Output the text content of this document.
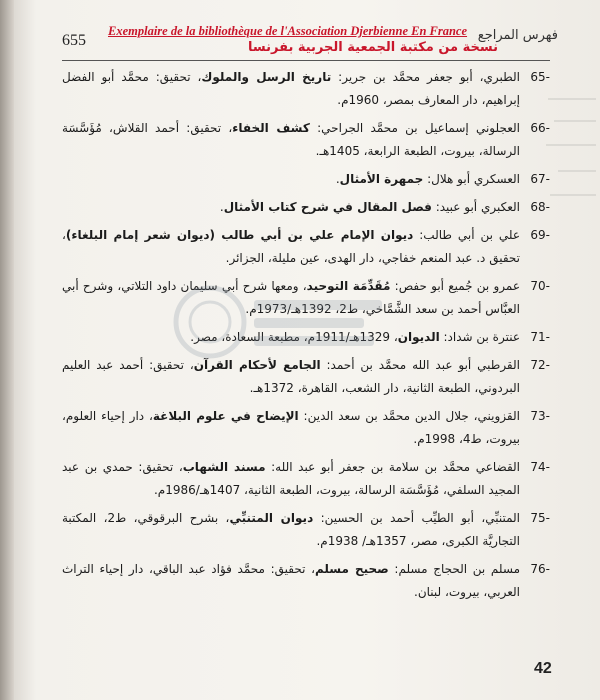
655
Exemplaire de la bibliothèque de l'Association Djerbienne En France
نسخة من مكتبة الجمعية الجربية بفرنسا
فهرس المراجع
65-
الطبري، أبو جعفر محمَّد بن جرير: تاريخ الرسل والملوك، تحقيق: محمَّد أبو الفضل إبراهيم، دار المعارف بمصر، 1960م.
66-
العجلوني إسماعيل بن محمَّد الجراحي: كشف الخفاء، تحقيق: أحمد القلاش، مُؤَسَّسَة الرسالة، بيروت، الطبعة الرابعة، 1405هـ.
67-
العسكري أبو هلال: جمهرة الأمثال.
68-
العكبري أبو عبيد: فصل المقال في شرح كتاب الأمثال.
69-
علي بن أبي طالب: ديوان الإمام علي بن أبي طالب (ديوان شعر إمام البلغاء)، تحقيق د. عبد المنعم خفاجي، دار الهدى، عين مليلة، الجزائر.
70-
عمرو بن جُميع أبو حفص: مُقَدِّمَة التوحيد، ومعها شرح أبي سليمان داود التلاتي، وشرح أبي العبَّاس أحمد بن سعد الشَّمَّاخي، ط2، 1392هـ/1973م.
71-
عنترة بن شداد: الديوان، 1329هـ/1911م، مطبعة السعادة، مصر.
72-
القرطبي أبو عبد الله محمَّد بن أحمد: الجامع لأحكام القرآن، تحقيق: أحمد عبد العليم البردوني، الطبعة الثانية، دار الشعب، القاهرة، 1372هـ.
73-
القزويني، جلال الدين محمَّد بن سعد الدين: الإيضاح في علوم البلاغة، دار إحياء العلوم، بيروت، ط4، 1998م.
74-
القضاعي محمَّد بن سلامة بن جعفر أبو عبد الله: مسند الشهاب، تحقيق: حمدي بن عبد المجيد السلفي، مُؤَسَّسَة الرسالة، بيروت، الطبعة الثانية، 1407هـ/1986م.
75-
المتنبِّي، أبو الطيِّب أحمد بن الحسين: ديوان المتنبِّي، بشرح البرقوقي، ط2، المكتبة التجاريَّة الكبرى، مصر، 1357هـ/ 1938م.
76-
مسلم بن الحجاج مسلم: صحيح مسلم، تحقيق: محمَّد فؤاد عبد الباقي، دار إحياء التراث العربي، بيروت، لبنان.
42
